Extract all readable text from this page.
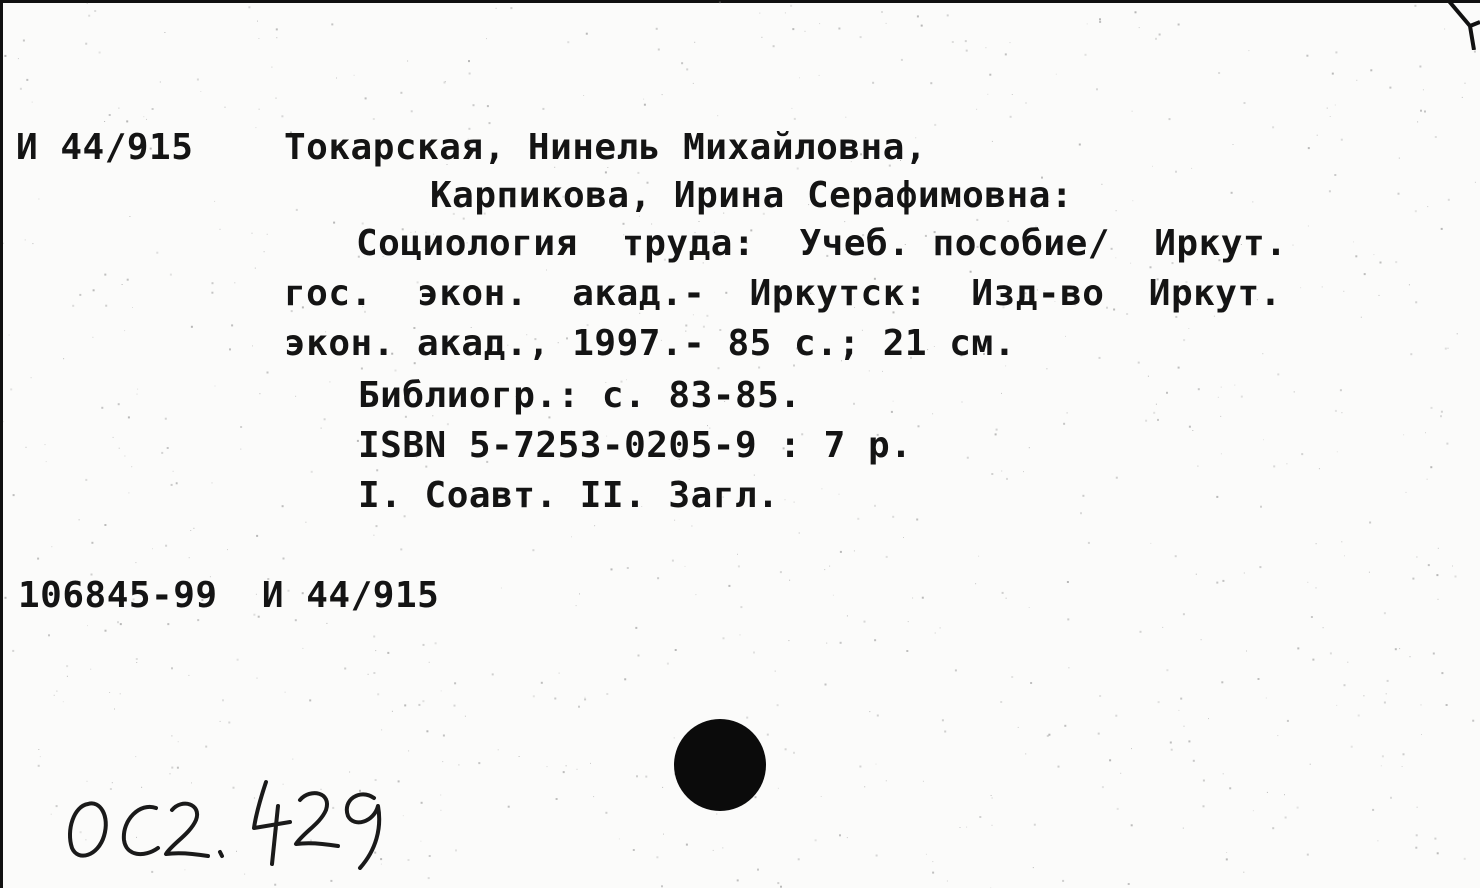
И 44/915	Токарская, Нинель Михайловна,
Карпикова, Ирина Серафимовна:
Социология  труда:  Учеб. пособие/  Иркут.
гос.  экон.  акад.-  Иркутск:  Изд-во  Иркут.
экон. акад., 1997.- 85 с.; 21 см.
Библиогр.: с. 83-85.
ISBN 5-7253-0205-9 : 7 р.
I. Соавт. II. Загл.
106845-99  И 44/915
